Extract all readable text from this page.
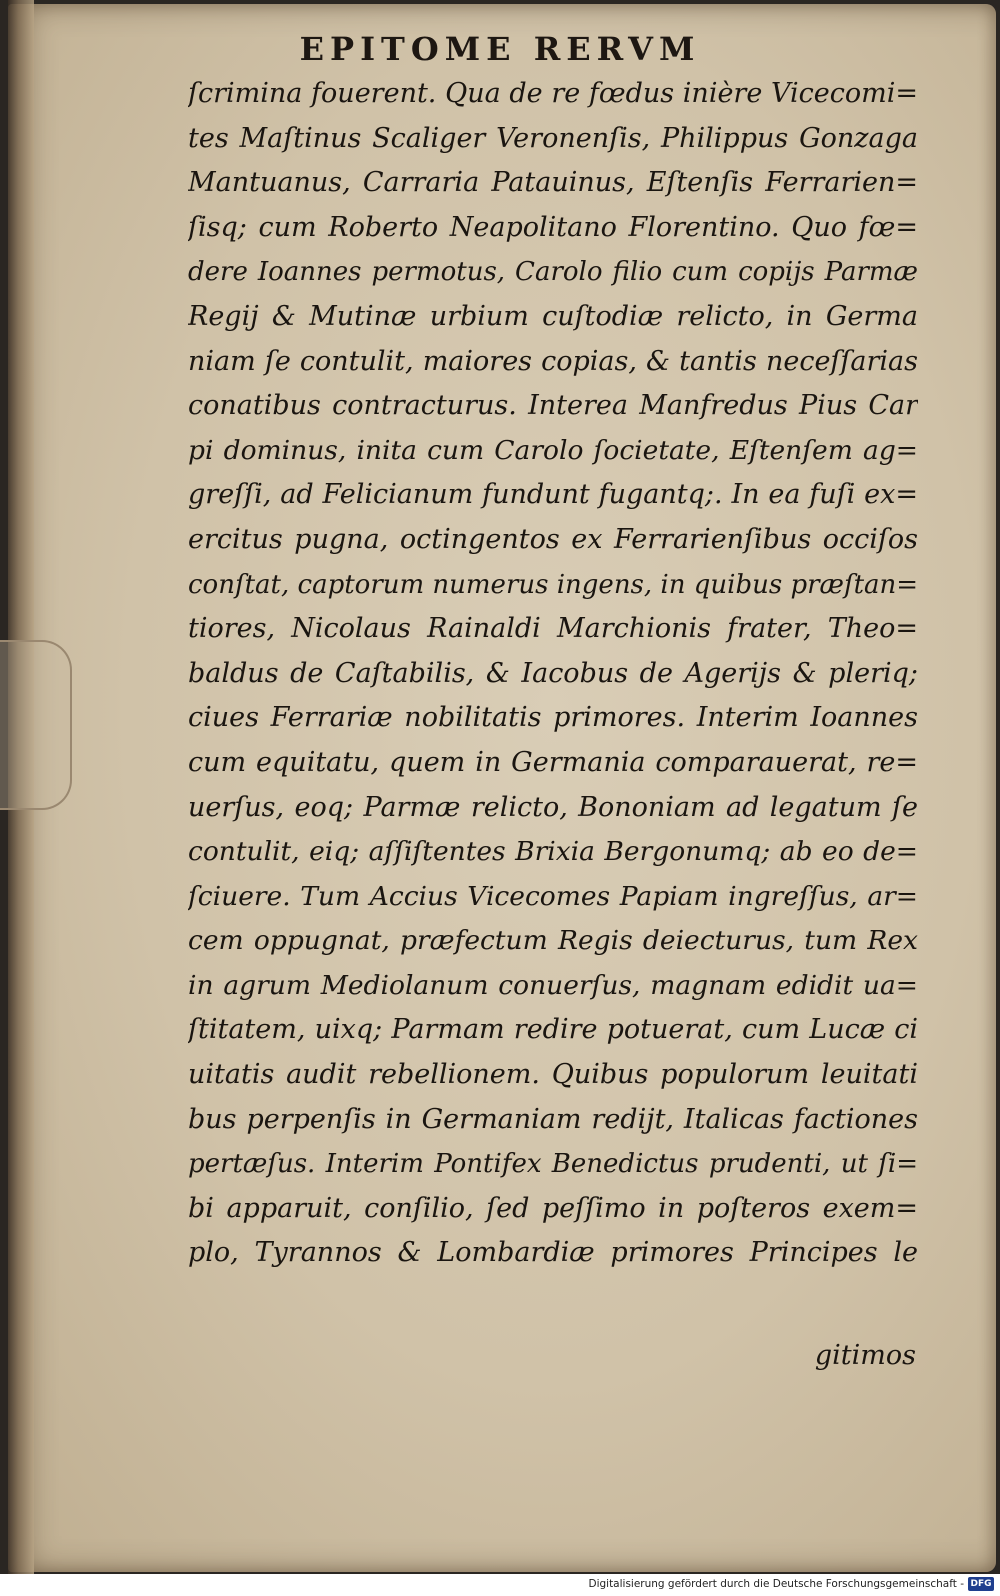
EPITOME RERVM
ſcrimina fouerent. Qua de re fœdus inière Vicecomi=
tes Maſtinus Scaliger Veronenſis, Philippus Gonzaga
Mantuanus, Carraria Patauinus, Eſtenſis Ferrarien=
ſisq; cum Roberto Neapolitano Florentino. Quo fœ=
dere Ioannes permotus, Carolo filio cum copijs Parmæ
Regij & Mutinæ urbium cuſtodiæ relicto, in Germa
niam ſe contulit, maiores copias, & tantis neceſſarias
conatibus contracturus. Interea Manfredus Pius Car
pi dominus, inita cum Carolo ſocietate, Eſtenſem ag=
greſſi, ad Felicianum fundunt fugantq;. In ea fuſi ex=
ercitus pugna, octingentos ex Ferrarienſibus occiſos
conſtat, captorum numerus ingens, in quibus præſtan=
tiores, Nicolaus Rainaldi Marchionis frater, Theo=
baldus de Caſtabilis, & Iacobus de Agerijs & pleriq;
ciues Ferrariæ nobilitatis primores. Interim Ioannes
cum equitatu, quem in Germania comparauerat, re=
uerſus, eoq; Parmæ relicto, Bononiam ad legatum ſe
contulit, eiq; aſſiſtentes Brixia Bergonumq; ab eo de=
ſciuere. Tum Accius Vicecomes Papiam ingreſſus, ar=
cem oppugnat, præfectum Regis deiecturus, tum Rex
in agrum Mediolanum conuerſus, magnam edidit ua=
ſtitatem, uixq; Parmam redire potuerat, cum Lucæ ci
uitatis audit rebellionem. Quibus populorum leuitati
bus perpenſis in Germaniam redijt, Italicas factiones
pertæſus. Interim Pontifex Benedictus prudenti, ut ſi=
bi apparuit, conſilio, ſed peſſimo in poſteros exem=
plo, Tyrannos & Lombardiæ primores Principes le
gitimos
Digitalisierung gefördert durch die Deutsche Forschungsgemeinschaft - DFG
